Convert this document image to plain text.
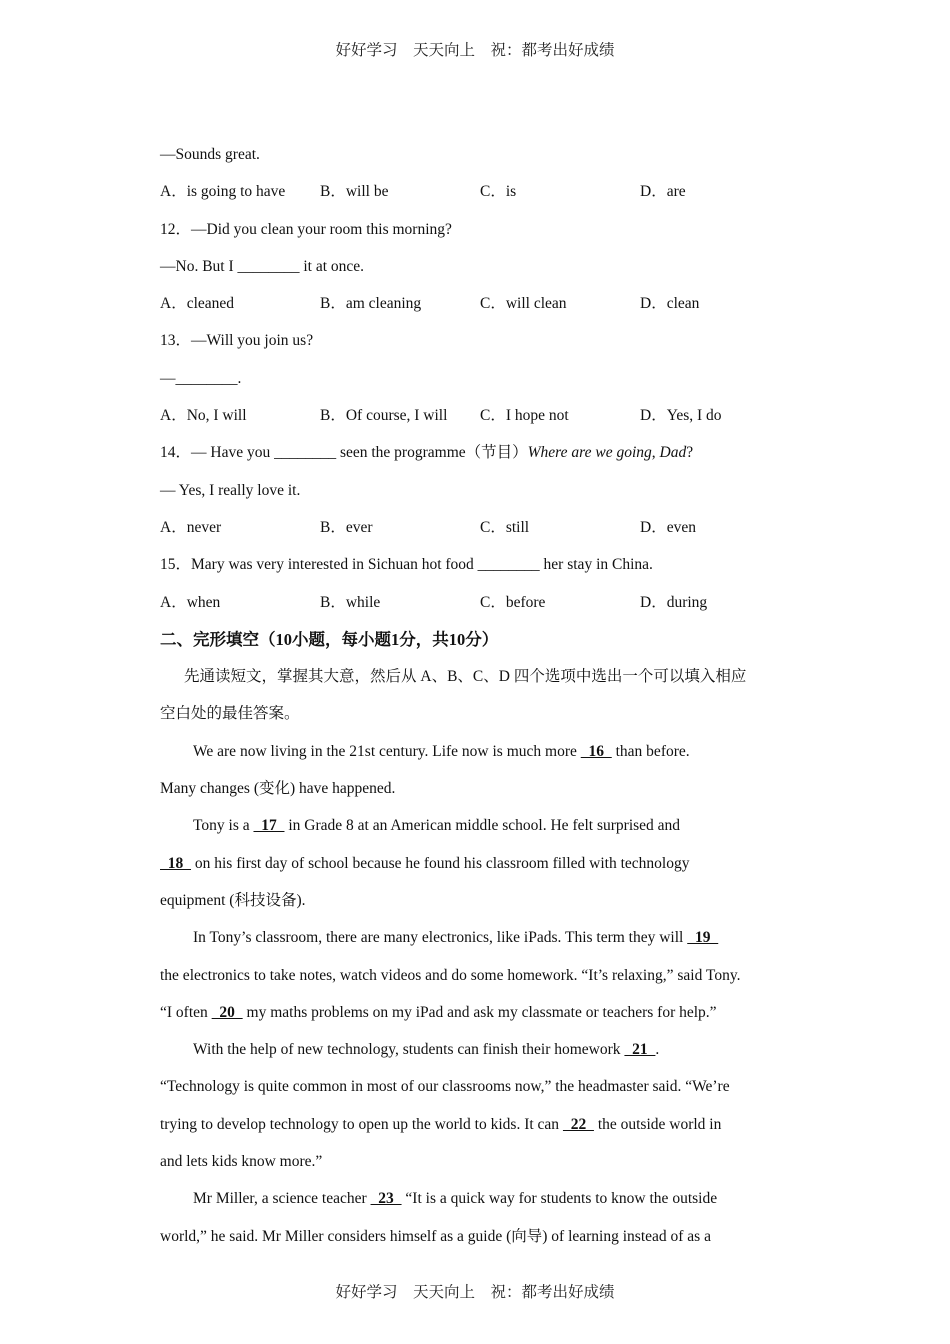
好好学习　天天向上　祝：都考出好成绩
—Sounds great.
A．is going to have	B．will be	C．is	D．are
12．—Did you clean your room this morning?
—No. But I ________ it at once.
A．cleaned	B．am cleaning	C．will clean	D．clean
13．—Will you join us?
—________.
A．No, I will	B．Of course, I will	C．I hope not	D．Yes, I do
14．— Have you ________ seen the programme（节目）Where are we going, Dad?
— Yes, I really love it.
A．never	B．ever	C．still	D．even
15．Mary was very interested in Sichuan hot food ________ her stay in China.
A．when	B．while	C．before	D．during
二、完形填空（10小题，每小题1分，共10分）
先通读短文，掌握其大意，然后从 A、B、C、D 四个选项中选出一个可以填入相应
空白处的最佳答案。
We are now living in the 21st century. Life now is much more   16   than before.
Many changes (变化) have happened.
Tony is a   17   in Grade 8 at an American middle school. He felt surprised and
18   on his first day of school because he found his classroom filled with technology
equipment (科技设备).
In Tony’s classroom, there are many electronics, like iPads. This term they will   19
the electronics to take notes, watch videos and do some homework. “It’s relaxing,” said Tony.
“I often   20   my maths problems on my iPad and ask my classmate or teachers for help.”
With the help of new technology, students can finish their homework   21  .
“Technology is quite common in most of our classrooms now,” the headmaster said. “We’re
trying to develop technology to open up the world to kids. It can   22   the outside world in
and lets kids know more.”
Mr Miller, a science teacher   23   “It is a quick way for students to know the outside
world,” he said. Mr Miller considers himself as a guide (向导) of learning instead of as a
好好学习　天天向上　祝：都考出好成绩
